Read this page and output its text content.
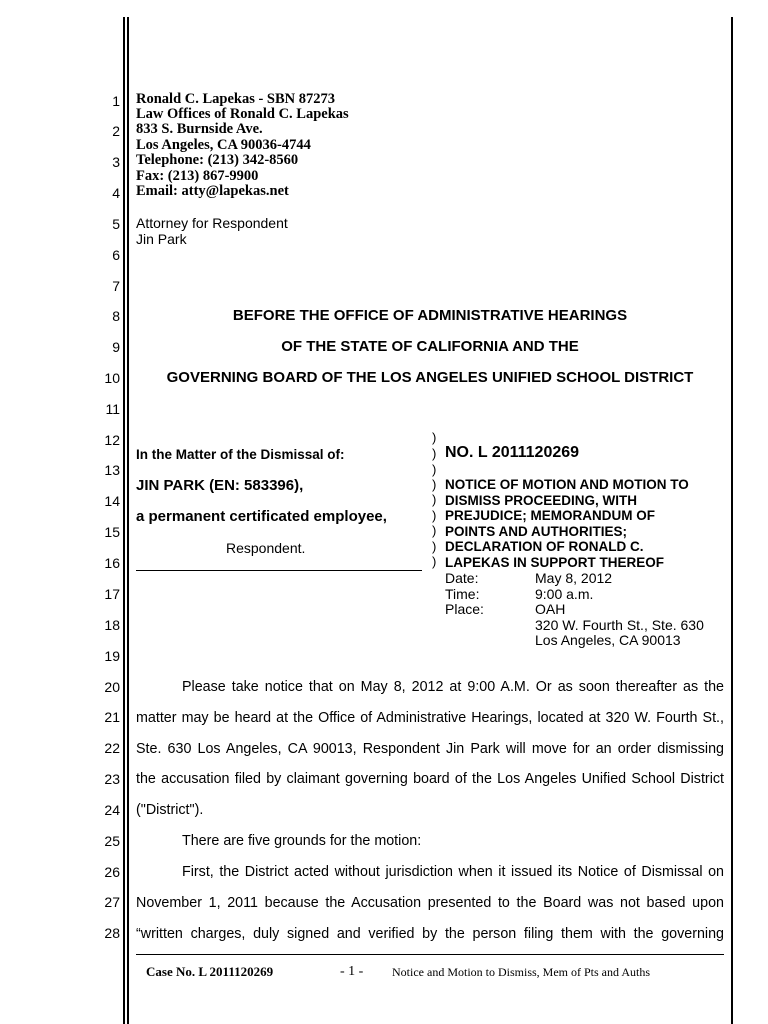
1
2
3
4
5
6
7
8
9
10
11
12
13
14
15
16
17
18
19
20
21
22
23
24
25
26
27
28
Ronald C. Lapekas - SBN 87273
Law Offices of Ronald C. Lapekas
833 S. Burnside Ave.
Los Angeles, CA 90036-4744
Telephone: (213) 342-8560
Fax: (213) 867-9900
Email: atty@lapekas.net
Attorney for Respondent
Jin Park
BEFORE THE OFFICE OF ADMINISTRATIVE HEARINGS
OF THE STATE OF CALIFORNIA AND THE
GOVERNING BOARD OF THE LOS ANGELES UNIFIED SCHOOL DISTRICT
In the Matter of the Dismissal of:
JIN PARK (EN: 583396),
a permanent certificated employee,
Respondent.
)
)
)
)
)
)
)
)
)
NO. L 2011120269
NOTICE OF MOTION AND MOTION TO
DISMISS PROCEEDING, WITH
PREJUDICE; MEMORANDUM OF
POINTS AND AUTHORITIES;
DECLARATION OF RONALD C.
LAPEKAS IN SUPPORT THEREOF
Date:	May 8, 2012
Time:	9:00 a.m.
Place:	OAH
320 W. Fourth St., Ste. 630
Los Angeles, CA 90013
Please take notice that on May 8, 2012 at 9:00 A.M. Or as soon thereafter as the
matter may be heard at the Office of Administrative Hearings, located at 320 W. Fourth St.,
Ste. 630 Los Angeles, CA 90013, Respondent Jin Park will move for an order dismissing
the accusation filed by claimant governing board of the Los Angeles Unified School District
("District").
There are five grounds for the motion:
First, the District acted without jurisdiction when it issued its Notice of Dismissal on
November 1, 2011 because the Accusation presented to the Board was not based upon
“written charges, duly signed and verified by the person filing them with the governing
Case No. L 2011120269	- 1 - Notice and Motion to Dismiss, Mem of Pts and Auths
